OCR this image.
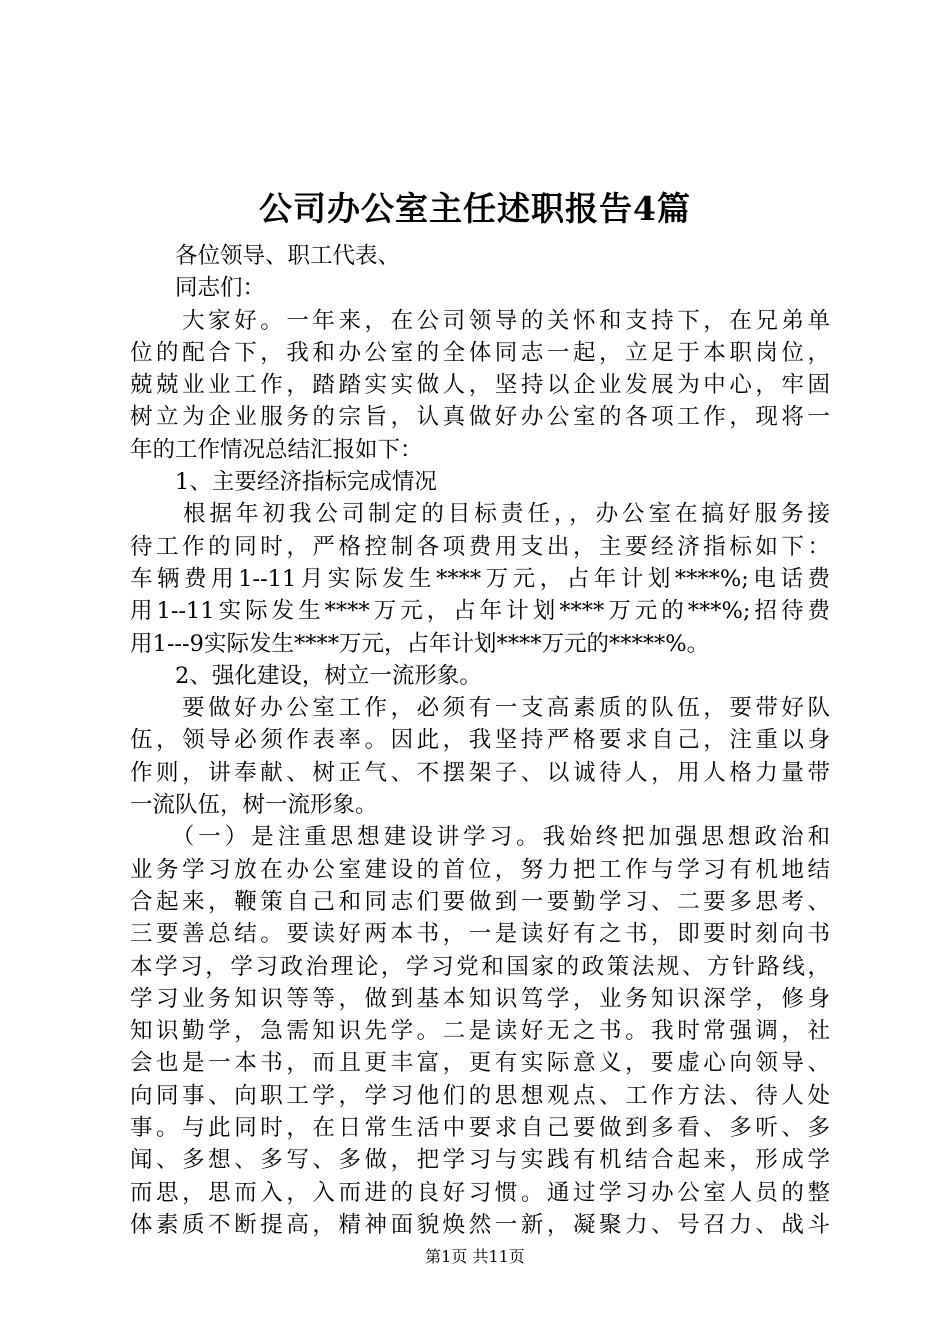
公司办公室主任述职报告4篇
　　各位领导、职工代表、
　　同志们：
　　大家好。一年来，在公司领导的关怀和支持下，在兄弟单
位的配合下，我和办公室的全体同志一起，立足于本职岗位，
兢兢业业工作，踏踏实实做人，坚持以企业发展为中心，牢固
树立为企业服务的宗旨，认真做好办公室的各项工作，现将一
年的工作情况总结汇报如下：
　　1、主要经济指标完成情况
　　根据年初我公司制定的目标责任，，办公室在搞好服务接
待工作的同时，严格控制各项费用支出，主要经济指标如下：
车辆费用1--11月实际发生****万元，占年计划****%;电话费
用1--11实际发生****万元，占年计划****万元的***%;招待费
用1---9实际发生****万元，占年计划****万元的*****%。
　　2、强化建设，树立一流形象。
　　要做好办公室工作，必须有一支高素质的队伍，要带好队
伍，领导必须作表率。因此，我坚持严格要求自己，注重以身
作则，讲奉献、树正气、不摆架子、以诚待人，用人格力量带
一流队伍，树一流形象。
　　（一）是注重思想建设讲学习。我始终把加强思想政治和
业务学习放在办公室建设的首位，努力把工作与学习有机地结
合起来，鞭策自己和同志们要做到一要勤学习、二要多思考、
三要善总结。要读好两本书，一是读好有之书，即要时刻向书
本学习，学习政治理论，学习党和国家的政策法规、方针路线，
学习业务知识等等，做到基本知识笃学，业务知识深学，修身
知识勤学，急需知识先学。二是读好无之书。我时常强调，社
会也是一本书，而且更丰富，更有实际意义，要虚心向领导、
向同事、向职工学，学习他们的思想观点、工作方法、待人处
事。与此同时，在日常生活中要求自己要做到多看、多听、多
闻、多想、多写、多做，把学习与实践有机结合起来，形成学
而思，思而入，入而进的良好习惯。通过学习办公室人员的整
体素质不断提高，精神面貌焕然一新，凝聚力、号召力、战斗
第1页 共11页
